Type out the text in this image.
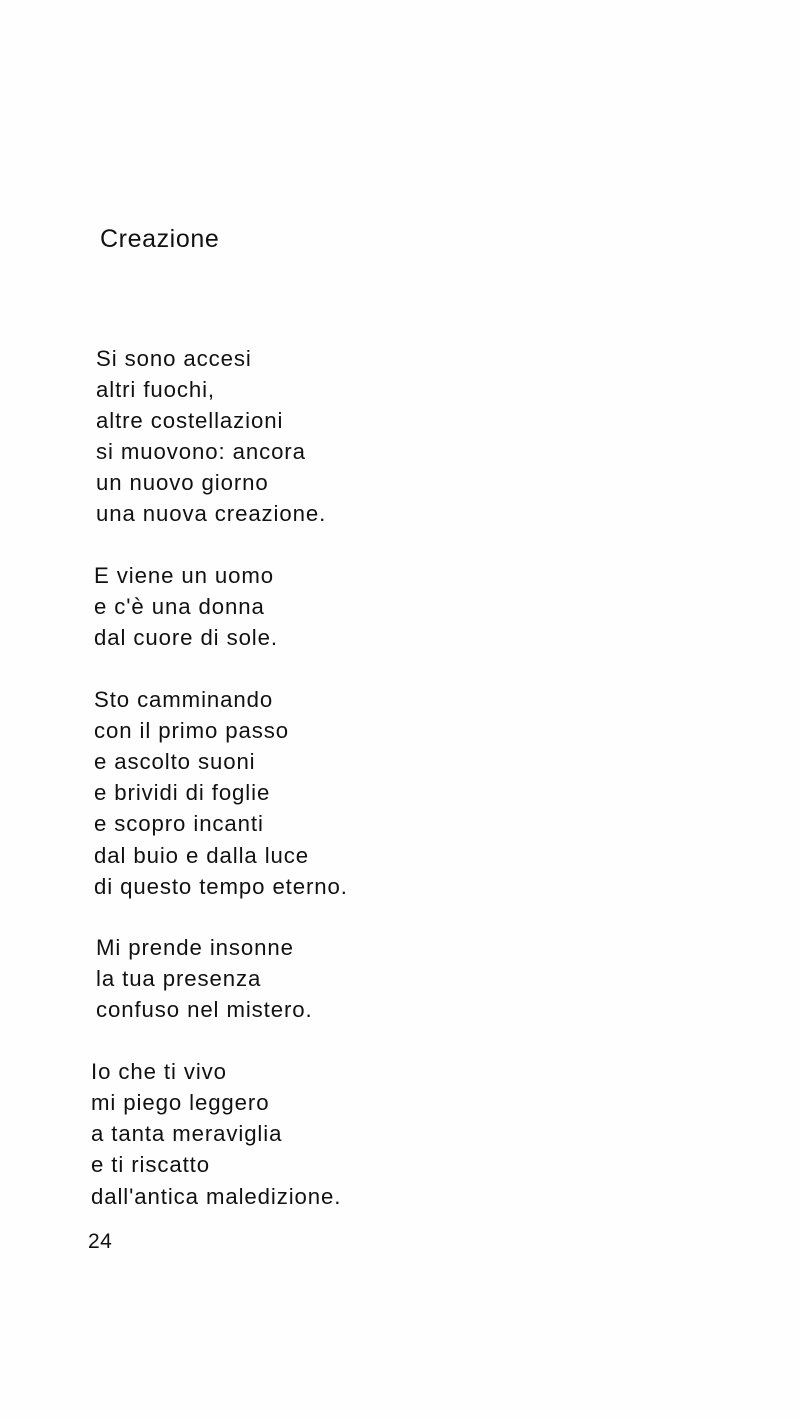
Creazione
Si sono accesi
altri fuochi,
altre costellazioni
si muovono: ancora
un nuovo giorno
una nuova creazione.
E viene un uomo
e c'è una donna
dal cuore di sole.
Sto camminando
con il primo passo
e ascolto suoni
e brividi di foglie
e scopro incanti
dal buio e dalla luce
di questo tempo eterno.
Mi prende insonne
la tua presenza
confuso nel mistero.
Io che ti vivo
mi piego leggero
a tanta meraviglia
e ti riscatto
dall'antica maledizione.
24
